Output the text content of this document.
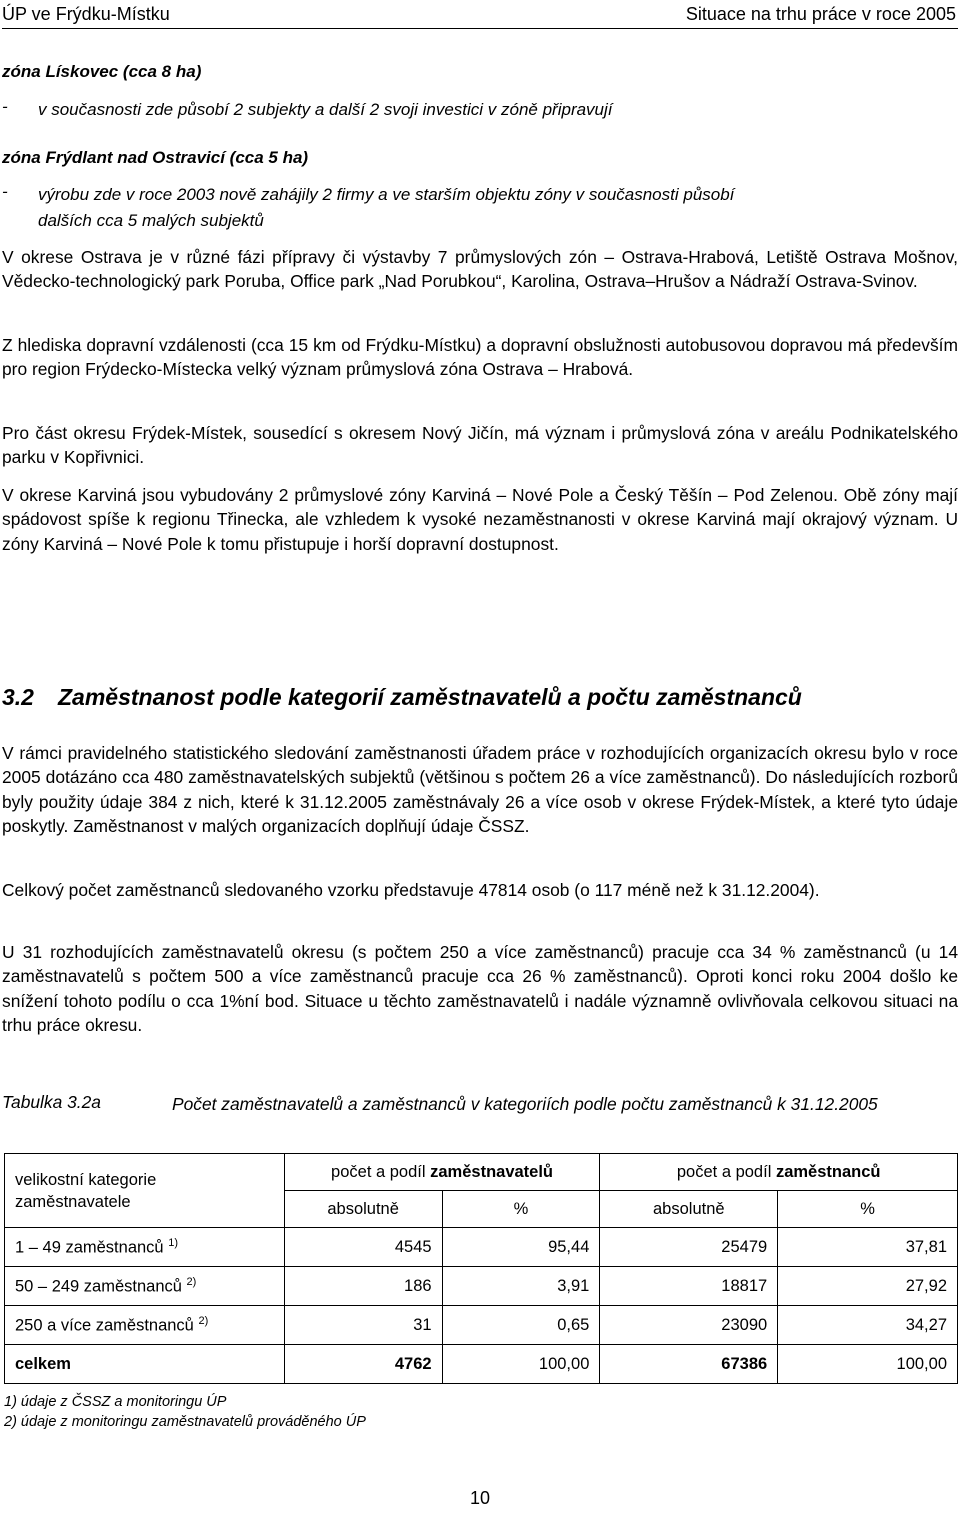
ÚP ve Frýdku-Místku	Situace na trhu práce v roce 2005
zóna Lískovec (cca 8 ha)
- v současnosti zde působí 2 subjekty a další 2 svoji investici v zóně připravují
zóna Frýdlant nad Ostravicí (cca 5 ha)
- výrobu zde v roce 2003 nově zahájily 2 firmy a ve starším objektu zóny v současnosti působí
dalších cca 5 malých subjektů
V okrese Ostrava je v různé fázi přípravy či výstavby 7 průmyslových zón – Ostrava-Hrabová, Letiště Ostrava Mošnov, Vědecko-technologický park Poruba, Office park „Nad Porubkou“, Karolina, Ostrava–Hrušov a Nádraží Ostrava-Svinov.
Z hlediska dopravní vzdálenosti (cca 15 km od Frýdku-Místku) a dopravní obslužnosti autobusovou dopravou má především pro region Frýdecko-Místecka velký význam průmyslová zóna Ostrava – Hrabová.
Pro část okresu Frýdek-Místek, sousedící s okresem Nový Jičín, má význam i průmyslová zóna v areálu Podnikatelského parku v Kopřivnici.
V okrese Karviná jsou vybudovány 2 průmyslové zóny Karviná – Nové Pole a Český Těšín – Pod Zelenou. Obě zóny mají spádovost spíše k regionu Třinecka, ale vzhledem k vysoké nezaměstnanosti v okrese Karviná mají okrajový význam. U zóny Karviná – Nové Pole k tomu přistupuje i horší dopravní dostupnost.
3.2 Zaměstnanost podle kategorií zaměstnavatelů a počtu zaměstnanců
V rámci pravidelného statistického sledování zaměstnanosti úřadem práce v rozhodujících organizacích okresu bylo v roce 2005 dotázáno cca 480 zaměstnavatelských subjektů (většinou s počtem 26 a více zaměstnanců). Do následujících rozborů byly použity údaje 384 z nich, které k 31.12.2005 zaměstnávaly 26 a více osob v okrese Frýdek-Místek, a které tyto údaje poskytly. Zaměstnanost v malých organizacích doplňují údaje ČSSZ.
Celkový počet zaměstnanců sledovaného vzorku představuje 47814 osob (o 117 méně než k 31.12.2004).
U 31 rozhodujících zaměstnavatelů okresu (s počtem 250 a více zaměstnanců) pracuje cca 34 % zaměstnanců (u 14 zaměstnavatelů s počtem 500 a více zaměstnanců pracuje cca 26 % zaměstnanců). Oproti konci roku 2004 došlo ke snížení tohoto podílu o cca 1%ní bod. Situace u těchto zaměstnavatelů i nadále významně ovlivňovala celkovou situaci na trhu práce okresu.
Tabulka 3.2a	Počet zaměstnavatelů a zaměstnanců v kategoriích podle počtu zaměstnanců k 31.12.2005
velikostní kategorie zaměstnavatele	počet a podíl zaměstnavatelů		počet a podíl zaměstnanců	
	absolutně	%	absolutně	%
1 – 49 zaměstnanců $^{1)}$	4545	95,44	25479	37,81
50 – 249 zaměstnanců $^{2)}$	186	3,91	18817	27,92
250 a více zaměstnanců $^{2)}$	31	0,65	23090	34,27
celkem	4762	100,00	67386	100,00
1) údaje z ČSSZ a monitoringu ÚP
2) údaje z monitoringu zaměstnavatelů prováděného ÚP
10
